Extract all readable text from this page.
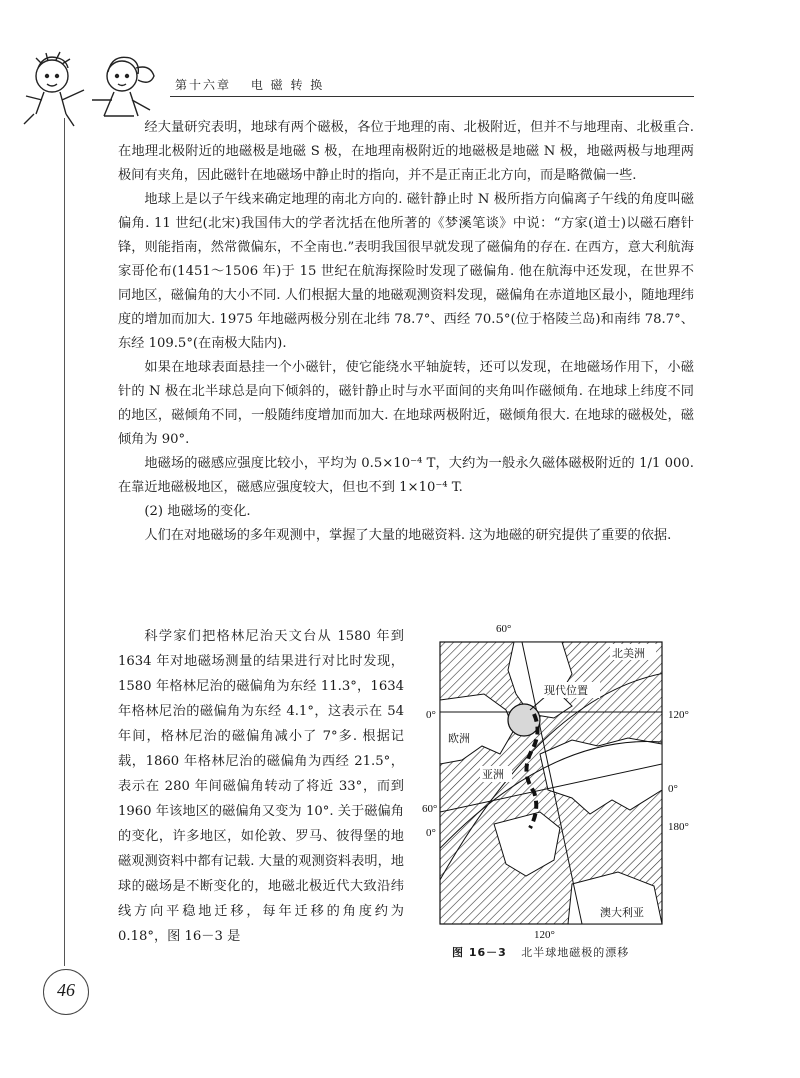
第十六章 电 磁 转 换

经大量研究表明，地球有两个磁极，各位于地理的南、北极附近，但并不与地理南、北极重合. 在地理北极附近的地磁极是地磁 S 极，在地理南极附近的地磁极是地磁 N 极，地磁两极与地理两极间有夹角，因此磁针在地磁场中静止时的指向，并不是正南正北方向，而是略微偏一些.

地球上是以子午线来确定地理的南北方向的. 磁针静止时 N 极所指方向偏离子午线的角度叫磁偏角. 11 世纪(北宋)我国伟大的学者沈括在他所著的《梦溪笔谈》中说：“方家(道士)以磁石磨针锋，则能指南，然常微偏东，不全南也.”表明我国很早就发现了磁偏角的存在. 在西方，意大利航海家哥伦布(1451～1506 年)于 15 世纪在航海探险时发现了磁偏角. 他在航海中还发现，在世界不同地区，磁偏角的大小不同. 人们根据大量的地磁观测资料发现，磁偏角在赤道地区最小，随地理纬度的增加而加大. 1975 年地磁两极分别在北纬 78.7°、西经 70.5°(位于格陵兰岛)和南纬 78.7°、东经 109.5°(在南极大陆内).

如果在地球表面悬挂一个小磁针，使它能绕水平轴旋转，还可以发现，在地磁场作用下，小磁针的 N 极在北半球总是向下倾斜的，磁针静止时与水平面间的夹角叫作磁倾角. 在地球上纬度不同的地区，磁倾角不同，一般随纬度增加而加大. 在地球两极附近，磁倾角很大. 在地球的磁极处，磁倾角为 90°.

地磁场的磁感应强度比较小，平均为 0.5×10⁻⁴ T，大约为一般永久磁体磁极附近的 1/1 000. 在靠近地磁极地区，磁感应强度较大，但也不到 1×10⁻⁴ T.

(2) 地磁场的变化.

人们在对地磁场的多年观测中，掌握了大量的地磁资料. 这为地磁的研究提供了重要的依据.

科学家们把格林尼治天文台从 1580 年到 1634 年对地磁场测量的结果进行对比时发现，1580 年格林尼治的磁偏角为东经 11.3°，1634 年格林尼治的磁偏角为东经 4.1°，这表示在 54 年间，格林尼治的磁偏角减小了 7°多. 根据记载，1860 年格林尼治的磁偏角为西经 21.5°，表示在 280 年间磁偏角转动了将近 33°，而到 1960 年该地区的磁偏角又变为 10°. 关于磁偏角的变化，许多地区，如伦敦、罗马、彼得堡的地磁观测资料中都有记载. 大量的观测资料表明，地球的磁场是不断变化的，地磁北极近代大致沿纬线方向平稳地迁移，每年迁移的角度约为 0.18°，图 16－3 是

60°
0°	120°
0°
60°
0°	180°
120°
北美洲
现代位置
欧洲
亚洲
澳大利亚
图 16－3 北半球地磁极的漂移
46
